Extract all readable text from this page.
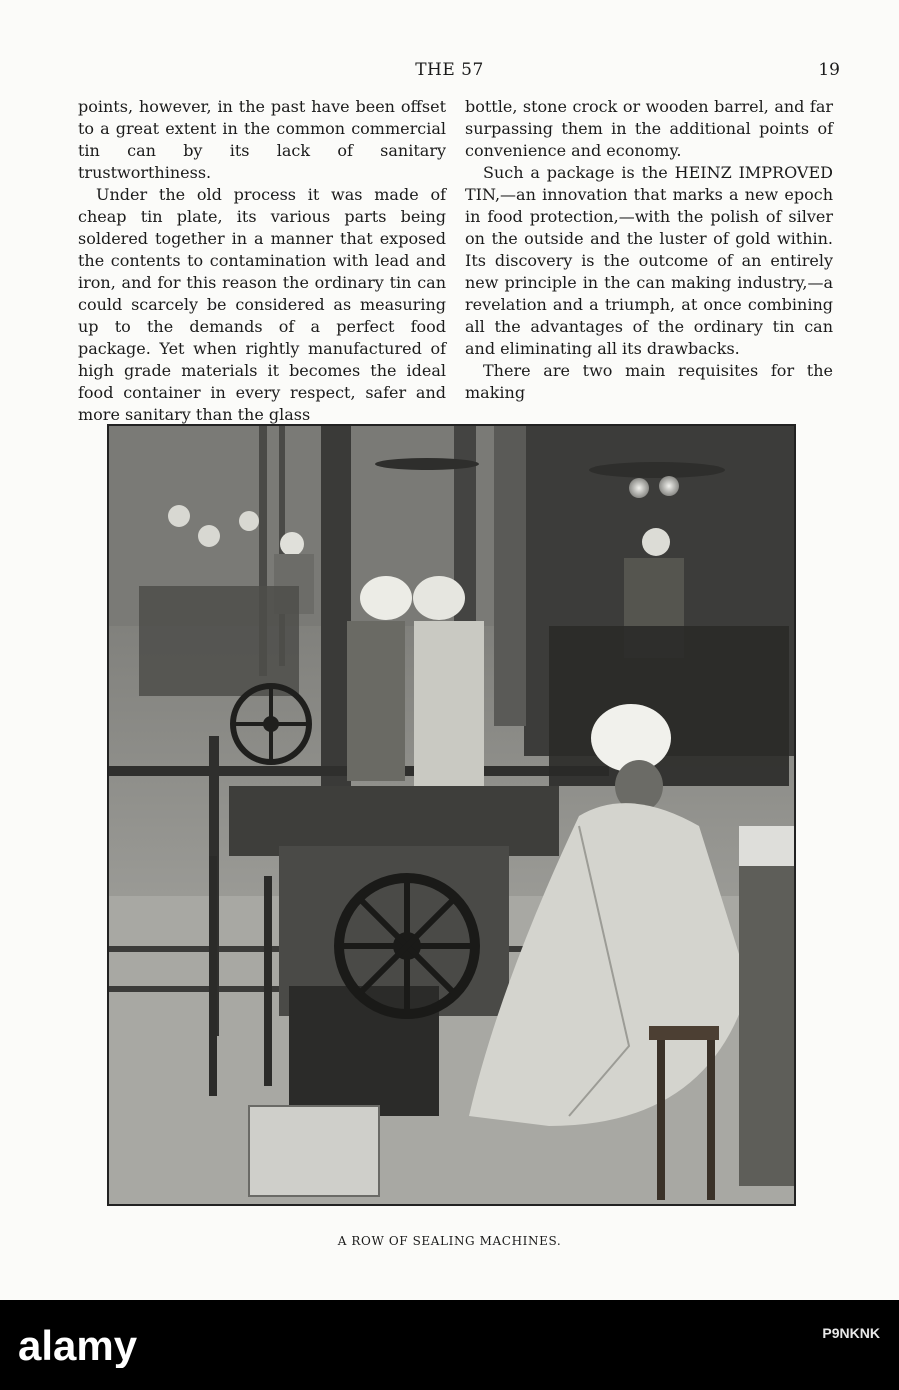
THE 57	19

points, however, in the past have been offset to a great extent in the common commercial tin can by its lack of sanitary trustworthiness.

Under the old process it was made of cheap tin plate, its various parts being soldered together in a manner that exposed the contents to contamination with lead and iron, and for this reason the ordinary tin can could scarcely be considered as measuring up to the demands of a perfect food package. Yet when rightly manufactured of high grade materials it becomes the ideal food container in every respect, safer and more sanitary than the glass

bottle, stone crock or wooden barrel, and far surpassing them in the additional points of convenience and economy.

Such a package is the HEINZ IMPROVED TIN,—an innovation that marks a new epoch in food protection,—with the polish of silver on the outside and the luster of gold within. Its discovery is the outcome of an entirely new principle in the can making industry,—a revelation and a triumph, at once combining all the advantages of the ordinary tin can and eliminating all its drawbacks.

There are two main requisites for the making

A ROW OF SEALING MACHINES.
alamy	P9NKNK
